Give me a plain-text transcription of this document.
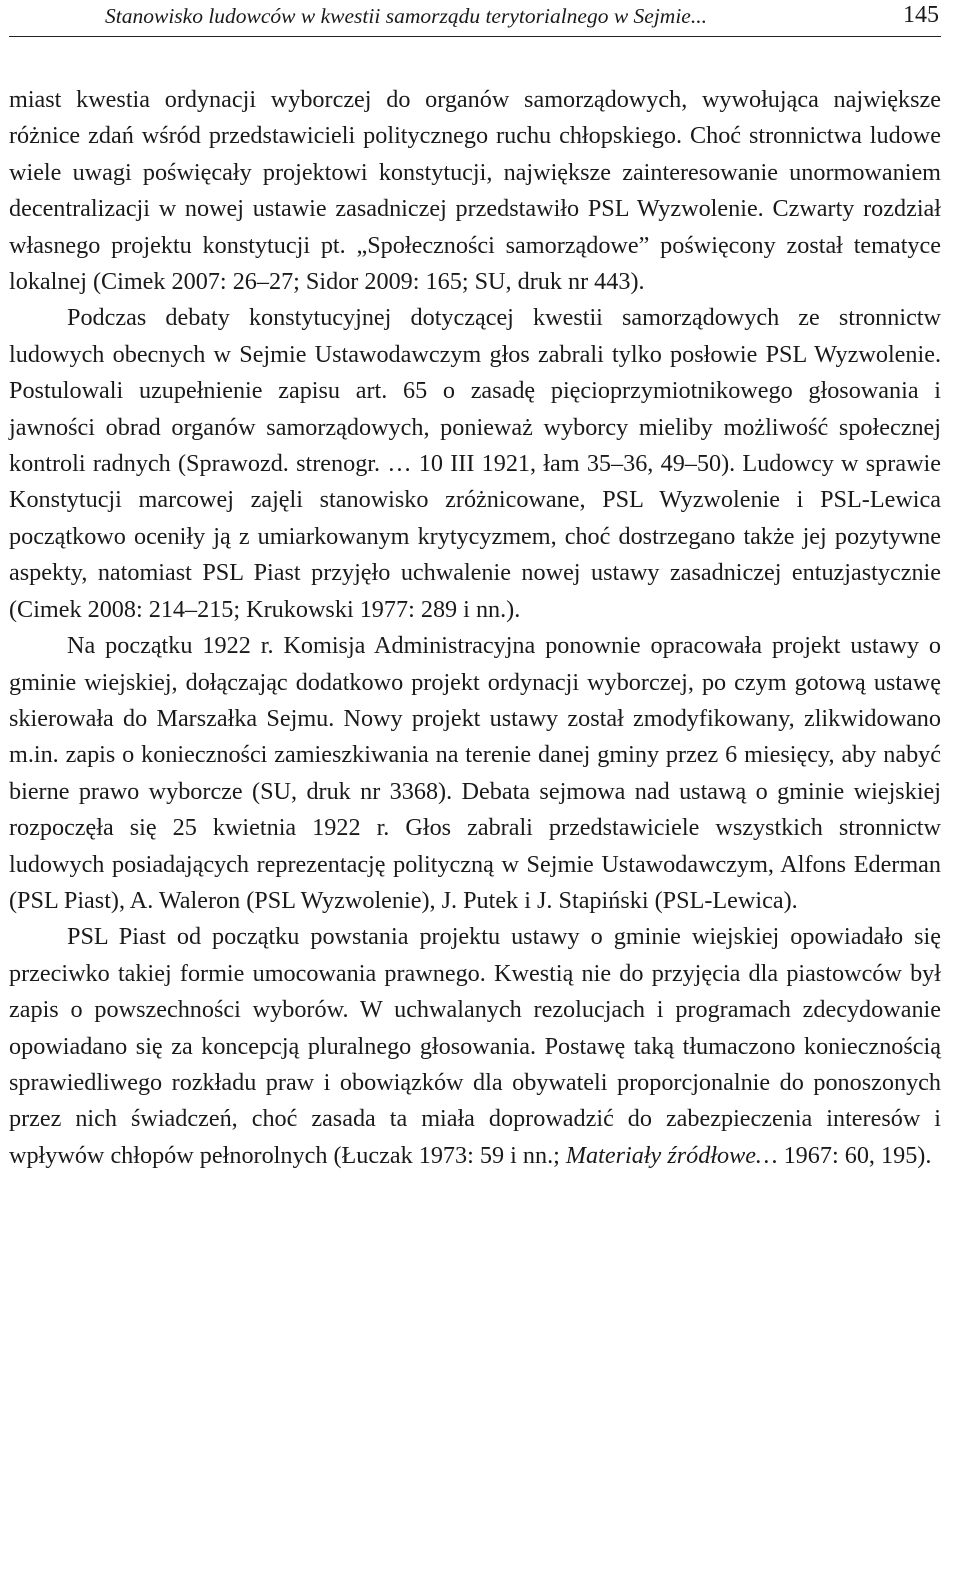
Stanowisko ludowców w kwestii samorządu terytorialnego w Sejmie...	145

miast kwestia ordynacji wyborczej do organów samorządowych, wywołująca największe różnice zdań wśród przedstawicieli politycznego ruchu chłopskiego. Choć stronnictwa ludowe wiele uwagi poświęcały projektowi konstytucji, największe zainteresowanie unormowaniem decentralizacji w nowej ustawie zasadniczej przedstawiło PSL Wyzwolenie. Czwarty rozdział własnego projektu konstytucji pt. „Społeczności samorządowe” poświęcony został tematyce lokalnej (Cimek 2007: 26–27; Sidor 2009: 165; SU, druk nr 443).

Podczas debaty konstytucyjnej dotyczącej kwestii samorządowych ze stronnictw ludowych obecnych w Sejmie Ustawodawczym głos zabrali tylko posłowie PSL Wyzwolenie. Postulowali uzupełnienie zapisu art. 65 o zasadę pięcioprzymiotnikowego głosowania i jawności obrad organów samorządowych, ponieważ wyborcy mieliby możliwość społecznej kontroli radnych (Sprawozd. strenogr. … 10 III 1921, łam 35–36, 49–50). Ludowcy w sprawie Konstytucji marcowej zajęli stanowisko zróżnicowane, PSL Wyzwolenie i PSL-Lewica początkowo oceniły ją z umiarkowanym krytycyzmem, choć dostrzegano także jej pozytywne aspekty, natomiast PSL Piast przyjęło uchwalenie nowej ustawy zasadniczej entuzjastycznie (Cimek 2008: 214–215; Krukowski 1977: 289 i nn.).

Na początku 1922 r. Komisja Administracyjna ponownie opracowała projekt ustawy o gminie wiejskiej, dołączając dodatkowo projekt ordynacji wyborczej, po czym gotową ustawę skierowała do Marszałka Sejmu. Nowy projekt ustawy został zmodyfikowany, zlikwidowano m.in. zapis o konieczności zamieszkiwania na terenie danej gminy przez 6 miesięcy, aby nabyć bierne prawo wyborcze (SU, druk nr 3368). Debata sejmowa nad ustawą o gminie wiejskiej rozpoczęła się 25 kwietnia 1922 r. Głos zabrali przedstawiciele wszystkich stronnictw ludowych posiadających reprezentację polityczną w Sejmie Ustawodawczym, Alfons Ederman (PSL Piast), A. Waleron (PSL Wyzwolenie), J. Putek i J. Stapiński (PSL-Lewica).

PSL Piast od początku powstania projektu ustawy o gminie wiejskiej opowiadało się przeciwko takiej formie umocowania prawnego. Kwestią nie do przyjęcia dla piastowców był zapis o powszechności wyborów. W uchwalanych rezolucjach i programach zdecydowanie opowiadano się za koncepcją pluralnego głosowania. Postawę taką tłumaczono koniecznością sprawiedliwego rozkładu praw i obowiązków dla obywateli proporcjonalnie do ponoszonych przez nich świadczeń, choć zasada ta miała doprowadzić do zabezpieczenia interesów i wpływów chłopów pełnorolnych (Łuczak 1973: 59 i nn.; Materiały źródłowe… 1967: 60, 195).
